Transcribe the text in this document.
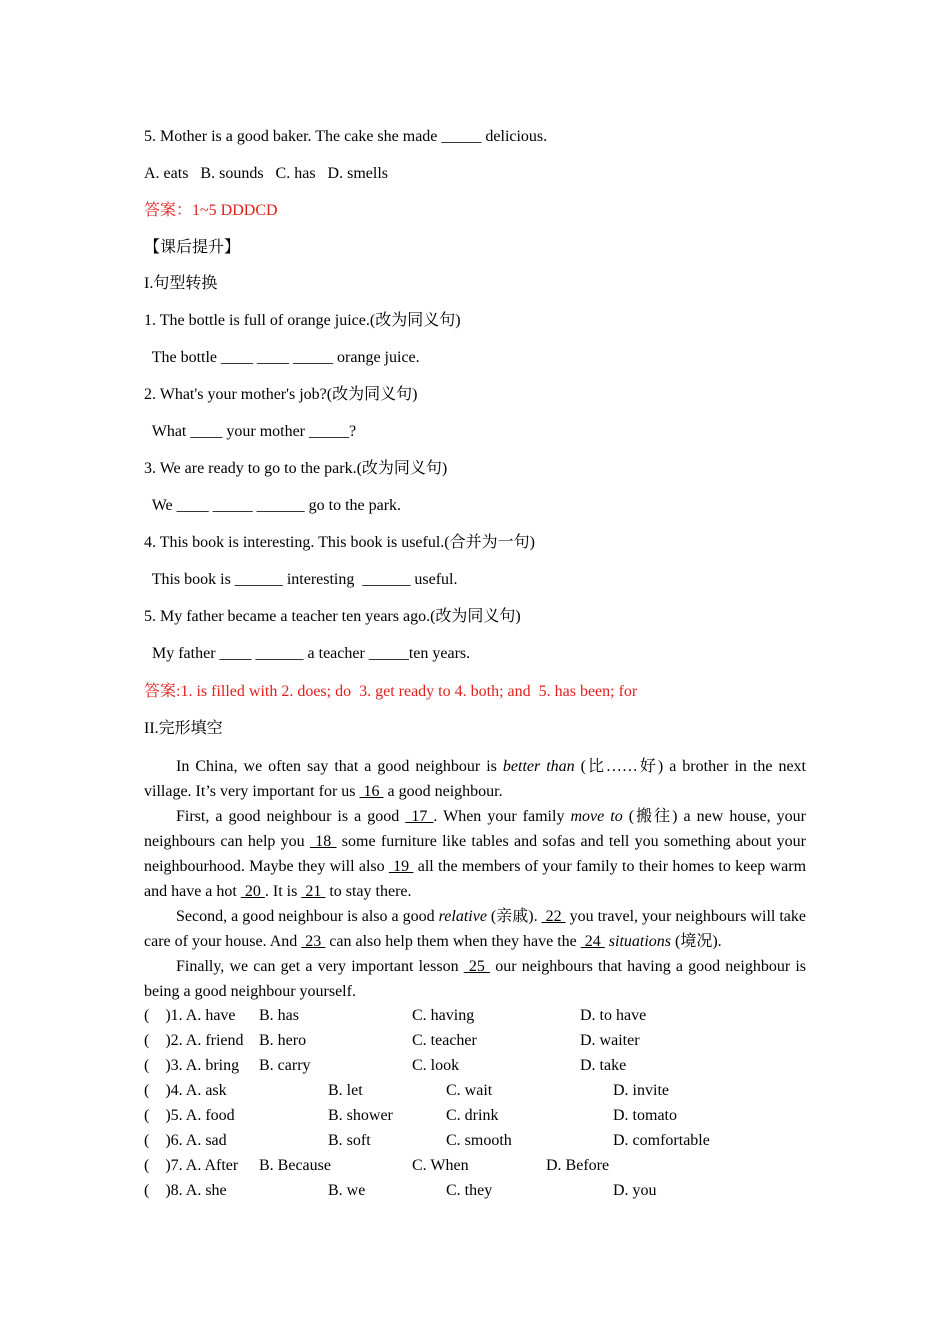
5. Mother is a good baker. The cake she made _____ delicious.
A. eats   B. sounds   C. has   D. smells
答案：1~5 DDDCD
【课后提升】
I.句型转换
1. The bottle is full of orange juice.(改为同义句)
The bottle ____ ____ _____ orange juice.
2. What's your mother's job?(改为同义句)
What ____ your mother _____?
3. We are ready to go to the park.(改为同义句)
We ____ _____ ______ go to the park.
4. This book is interesting. This book is useful.(合并为一句)
This book is ______ interesting  ______ useful.
5. My father became a teacher ten years ago.(改为同义句)
My father ____ ______ a teacher _____ten years.
答案:1. is filled with 2. does; do  3. get ready to 4. both; and  5. has been; for
II.完形填空

In China, we often say that a good neighbour is better than (比……好) a brother in the next village. It’s very important for us  16  a good neighbour.

First, a good neighbour is a good  17 . When your family move to (搬往) a new house, your neighbours can help you  18  some furniture like tables and sofas and tell you something about your neighbourhood. Maybe they will also  19  all the members of your family to their homes to keep warm and have a hot  20 . It is  21  to stay there.

Second, a good neighbour is also a good relative (亲戚).  22  you travel, your neighbours will take care of your house. And  23  can also help them when they have the  24  situations (境况).

Finally, we can get a very important lesson  25  our neighbours that having a good neighbour is being a good neighbour yourself.

(    )1. A. have B. has	C. having	D. to have
(    )2. A. friend B. hero	C. teacher	D. waiter
(    )3. A. bring B. carry	C. look	D. take
(    )4. A. ask	B. let	C. wait	D. invite
(    )5. A. food	B. shower	C. drink	D. tomato
(    )6. A. sad	B. soft	C. smooth	D. comfortable
(    )7. A. After B. Because	C. When	D. Before
(    )8. A. she	B. we	C. they	D. you
